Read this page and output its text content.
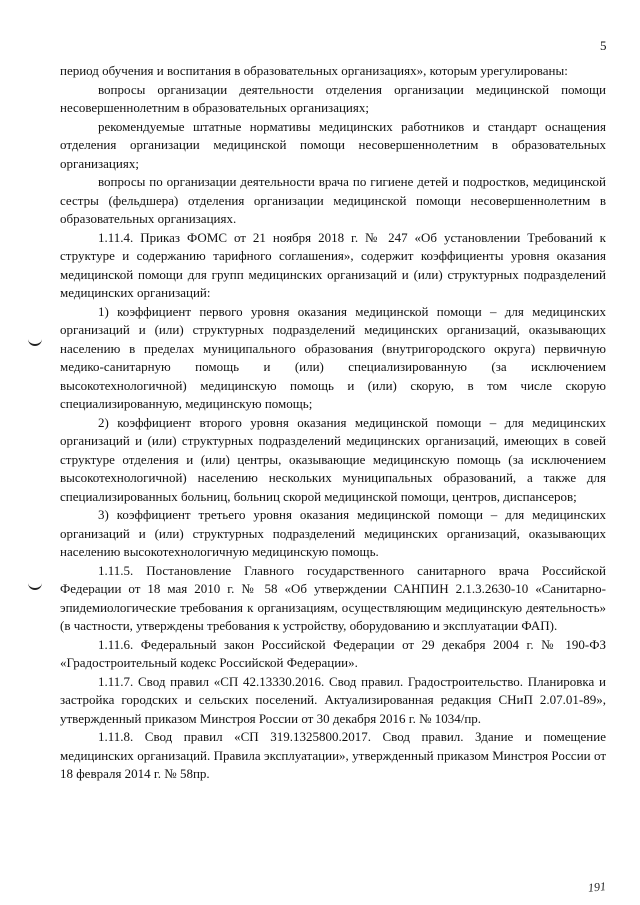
5

период обучения и воспитания в образовательных организациях», которым урегулированы:

вопросы организации деятельности отделения организации медицинской помощи несовершеннолетним в образовательных организациях;

рекомендуемые штатные нормативы медицинских работников и стандарт оснащения отделения организации медицинской помощи несовершеннолетним в образовательных организациях;

вопросы по организации деятельности врача по гигиене детей и подростков, медицинской сестры (фельдшера) отделения организации медицинской помощи несовершеннолетним в образовательных организациях.

1.11.4. Приказ ФОМС от 21 ноября 2018 г. № 247 «Об установлении Требований к структуре и содержанию тарифного соглашения», содержит коэффициенты уровня оказания медицинской помощи для групп медицинских организаций и (или) структурных подразделений медицинских организаций:

1) коэффициент первого уровня оказания медицинской помощи – для медицинских организаций и (или) структурных подразделений медицинских организаций, оказывающих населению в пределах муниципального образования (внутригородского округа) первичную медико-санитарную помощь и (или) специализированную (за исключением высокотехнологичной) медицинскую помощь и (или) скорую, в том числе скорую специализированную, медицинскую помощь;

2) коэффициент второго уровня оказания медицинской помощи – для медицинских организаций и (или) структурных подразделений медицинских организаций, имеющих в совей структуре отделения и (или) центры, оказывающие медицинскую помощь (за исключением высокотехнологичной) населению нескольких муниципальных образований, а также для специализированных больниц, больниц скорой медицинской помощи, центров, диспансеров;

3) коэффициент третьего уровня оказания медицинской помощи – для медицинских организаций и (или) структурных подразделений медицинских организаций, оказывающих населению высокотехнологичную медицинскую помощь.

1.11.5. Постановление Главного государственного санитарного врача Российской Федерации от 18 мая 2010 г. № 58 «Об утверждении САНПИН 2.1.3.2630-10 «Санитарно-эпидемиологические требования к организациям, осуществляющим медицинскую деятельность» (в частности, утверждены требования к устройству, оборудованию и эксплуатации ФАП).

1.11.6. Федеральный закон Российской Федерации от 29 декабря 2004 г. № 190-ФЗ «Градостроительный кодекс Российской Федерации».

1.11.7. Свод правил «СП 42.13330.2016. Свод правил. Градостроительство. Планировка и застройка городских и сельских поселений. Актуализированная редакция СНиП 2.07.01-89», утвержденный приказом Минстроя России от 30 декабря 2016 г. № 1034/пр.

1.11.8. Свод правил «СП 319.1325800.2017. Свод правил. Здание и помещение медицинских организаций. Правила эксплуатации», утвержденный приказом Минстроя России от 18 февраля 2014 г. № 58пр.

191
